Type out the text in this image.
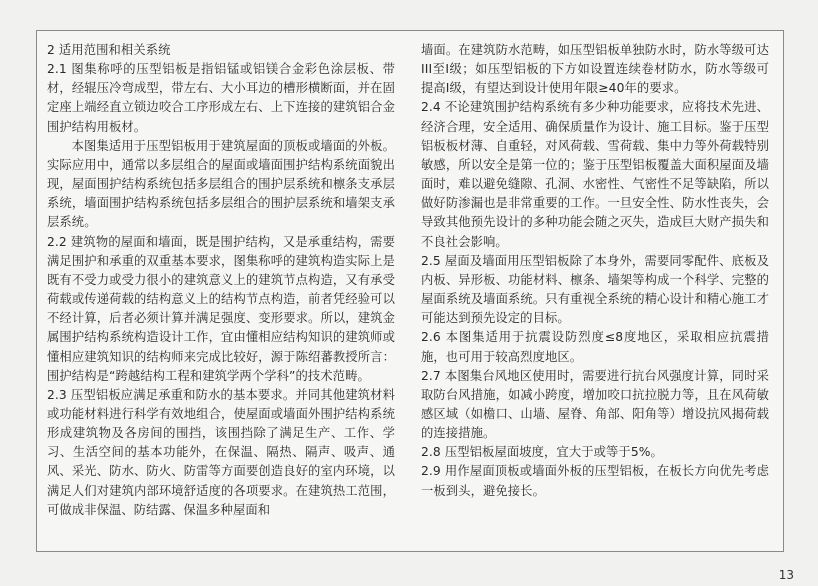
2 适用范围和相关系统

2.1 图集称呼的压型铝板是指铝锰或铝镁合金彩色涂层板、带材，经辊压冷弯成型，带左右、大小耳边的槽形横断面，并在固定座上端经直立锁边咬合工序形成左右、上下连接的建筑铝合金围护结构用板材。

本图集适用于压型铝板用于建筑屋面的顶板或墙面的外板。实际应用中，通常以多层组合的屋面或墙面围护结构系统面貌出现，屋面围护结构系统包括多层组合的围护层系统和檩条支承层系统，墙面围护结构系统包括多层组合的围护层系统和墙架支承层系统。

2.2 建筑物的屋面和墙面，既是围护结构，又是承重结构，需要满足围护和承重的双重基本要求，图集称呼的建筑构造实际上是既有不受力或受力很小的建筑意义上的建筑节点构造，又有承受荷载或传递荷载的结构意义上的结构节点构造，前者凭经验可以不经计算，后者必须计算并满足强度、变形要求。所以，建筑金属围护结构系统构造设计工作，宜由懂相应结构知识的建筑师或懂相应建筑知识的结构师来完成比较好，源于陈绍蕃教授所言：围护结构是“跨越结构工程和建筑学两个学科”的技术范畴。

2.3 压型铝板应满足承重和防水的基本要求。并同其他建筑材料或功能材料进行科学有效地组合，使屋面或墙面外围护结构系统形成建筑物及各房间的围挡，该围挡除了满足生产、工作、学习、生活空间的基本功能外，在保温、隔热、隔声、吸声、通风、采光、防水、防火、防雷等方面要创造良好的室内环境，以满足人们对建筑内部环境舒适度的各项要求。在建筑热工范围，可做成非保温、防结露、保温多种屋面和

墙面。在建筑防水范畴，如压型铝板单独防水时，防水等级可达III至Ⅰ级；如压型铝板的下方如设置连续卷材防水，防水等级可提高Ⅰ级，有望达到设计使用年限≥40年的要求。

2.4 不论建筑围护结构系统有多少种功能要求，应将技术先进、经济合理，安全适用、确保质量作为设计、施工目标。鉴于压型铝板板材薄、自重轻，对风荷载、雪荷载、集中力等外荷载特别敏感，所以安全是第一位的；鉴于压型铝板覆盖大面积屋面及墙面时，难以避免缝隙、孔洞、水密性、气密性不足等缺陷，所以做好防渗漏也是非常重要的工作。一旦安全性、防水性丧失，会导致其他预先设计的多种功能会随之灭失，造成巨大财产损失和不良社会影响。

2.5 屋面及墙面用压型铝板除了本身外，需要同零配件、底板及内板、异形板、功能材料、檩条、墙架等构成一个科学、完整的屋面系统及墙面系统。只有重视全系统的精心设计和精心施工才可能达到预先设定的目标。

2.6 本图集适用于抗震设防烈度≤8度地区，采取相应抗震措施，也可用于较高烈度地区。

2.7 本图集台风地区使用时，需要进行抗台风强度计算，同时采取防台风措施，如减小跨度，增加咬口抗拉脱力等，且在风荷敏感区域（如檐口、山墙、屋脊、角部、阳角等）增设抗风揭荷载的连接措施。

2.8 压型铝板屋面坡度，宜大于或等于5%。

2.9 用作屋面顶板或墙面外板的压型铝板，在板长方向优先考虑一板到头，避免接长。

13
